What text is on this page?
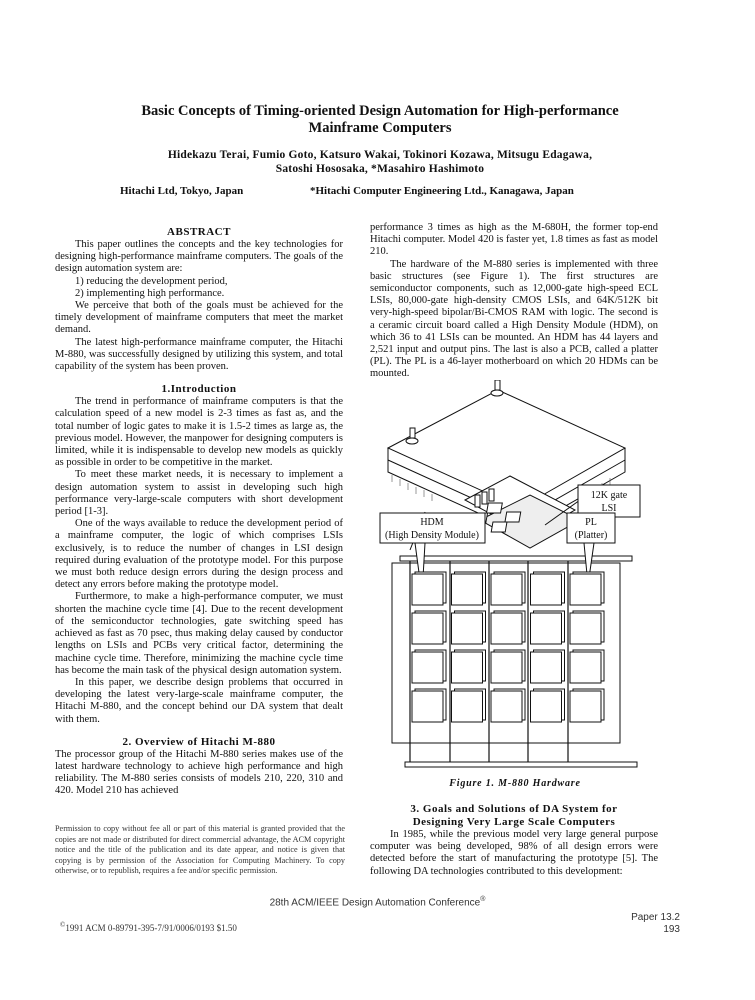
Basic Concepts of Timing-oriented Design Automation for High-performance
Mainframe Computers
Hidekazu Terai, Fumio Goto, Katsuro Wakai, Tokinori Kozawa, Mitsugu Edagawa,
Satoshi Hososaka, *Masahiro Hashimoto
Hitachi Ltd, Tokyo, Japan	*Hitachi Computer Engineering Ltd., Kanagawa, Japan
ABSTRACT

This paper outlines the concepts and the key technologies for designing high-performance mainframe computers. The goals of the design automation system are:

1) reducing the development period,
2) implementing high performance.

We perceive that both of the goals must be achieved for the timely development of mainframe computers that meet the market demand.

The latest high-performance mainframe computer, the Hitachi M-880, was successfully designed by utilizing this system, and total capability of the system has been proven.

1.Introduction

The trend in performance of mainframe computers is that the calculation speed of a new model is 2-3 times as fast as, and the total number of logic gates to make it is 1.5-2 times as large as, the previous model. However, the manpower for designing computers is limited, while it is indispensable to develop new models as quickly as possible in order to be competitive in the market.

To meet these market needs, it is necessary to implement a design automation system to assist in developing such high performance very-large-scale computers with short development period [1-3].

One of the ways available to reduce the development period of a mainframe computer, the logic of which comprises LSIs exclusively, is to reduce the number of changes in LSI design required during evaluation of the prototype model. For this purpose we must both reduce design errors during the design process and detect any errors before making the prototype model.

Furthermore, to make a high-performance computer, we must shorten the machine cycle time [4]. Due to the recent development of the semiconductor technologies, gate switching speed has achieved as fast as 70 psec, thus making delay caused by conductor lengths on LSIs and PCBs very critical factor, determining the machine cycle time. Therefore, minimizing the machine cycle time has become the main task of the physical design automation system.

In this paper, we describe design problems that occurred in developing the latest very-large-scale mainframe computer, the Hitachi M-880, and the concept behind our DA system that dealt with them.

2. Overview of Hitachi M-880

The processor group of the Hitachi M-880 series makes use of the latest hardware technology to achieve high performance and high reliability. The M-880 series consists of models 210, 220, 310 and 420. Model 210 has achieved

Permission to copy without fee all or part of this material is granted provided that the copies are not made or distributed for direct commercial advantage, the ACM copyright notice and the title of the publication and its date appear, and notice is given that copying is by permission of the Association for Computing Machinery. To copy otherwise, or to republish, requires a fee and/or specific permission.

performance 3 times as high as the M-680H, the former top-end Hitachi computer. Model 420 is faster yet, 1.8 times as fast as model 210.

The hardware of the M-880 series is implemented with three basic structures (see Figure 1). The first structures are semiconductor components, such as 12,000-gate high-speed ECL LSIs, 80,000-gate high-density CMOS LSIs, and 64K/512K bit very-high-speed bipolar/Bi-CMOS RAM with logic. The second is a ceramic circuit board called a High Density Module (HDM), on which 36 to 41 LSIs can be mounted. An HDM has 44 layers and 2,521 input and output pins. The last is also a PCB, called a platter (PL). The PL is a 46-layer motherboard on which 20 HDMs can be mounted.

12K gate
LSI
HDM
(High Density Module)
PL
(Platter)
Figure 1. M-880 Hardware
3. Goals and Solutions of DA System for
Designing Very Large Scale Computers

In 1985, while the previous model very large general purpose computer was being developed, 98% of all design errors were detected before the start of manufacturing the prototype [5]. The following DA technologies contributed to this development:

28th ACM/IEEE Design Automation Conference®
©1991 ACM 0-89791-395-7/91/0006/0193 $1.50
Paper 13.2
193
